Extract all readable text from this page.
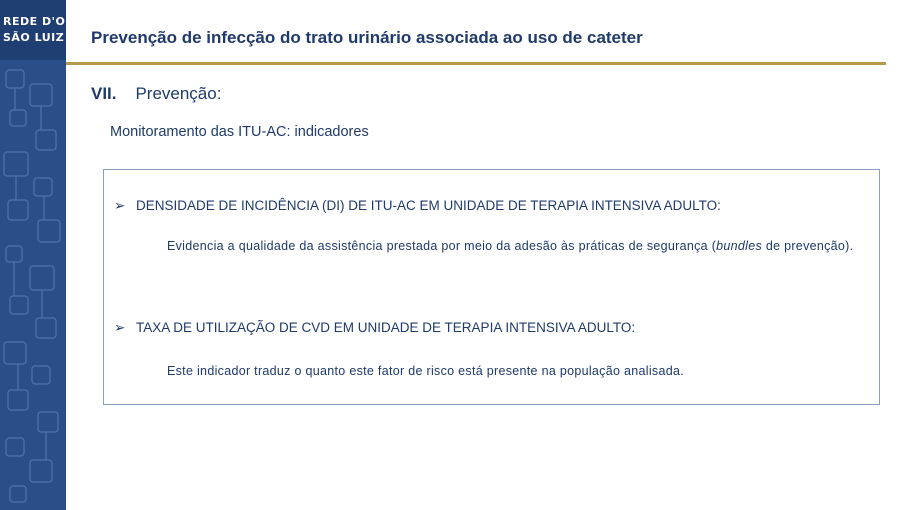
REDE D'OR
SÃO LUIZ Prevenção de infecção do trato urinário associada ao uso de cateter
VII. Prevenção:
Monitoramento das ITU-AC: indicadores
➢ DENSIDADE DE INCIDÊNCIA (DI) DE ITU-AC EM UNIDADE DE TERAPIA INTENSIVA ADULTO:
Evidencia a qualidade da assistência prestada por meio da adesão às práticas de segurança (bundles de prevenção).
➢ TAXA DE UTILIZAÇÃO DE CVD EM UNIDADE DE TERAPIA INTENSIVA ADULTO:
Este indicador traduz o quanto este fator de risco está presente na população analisada.
